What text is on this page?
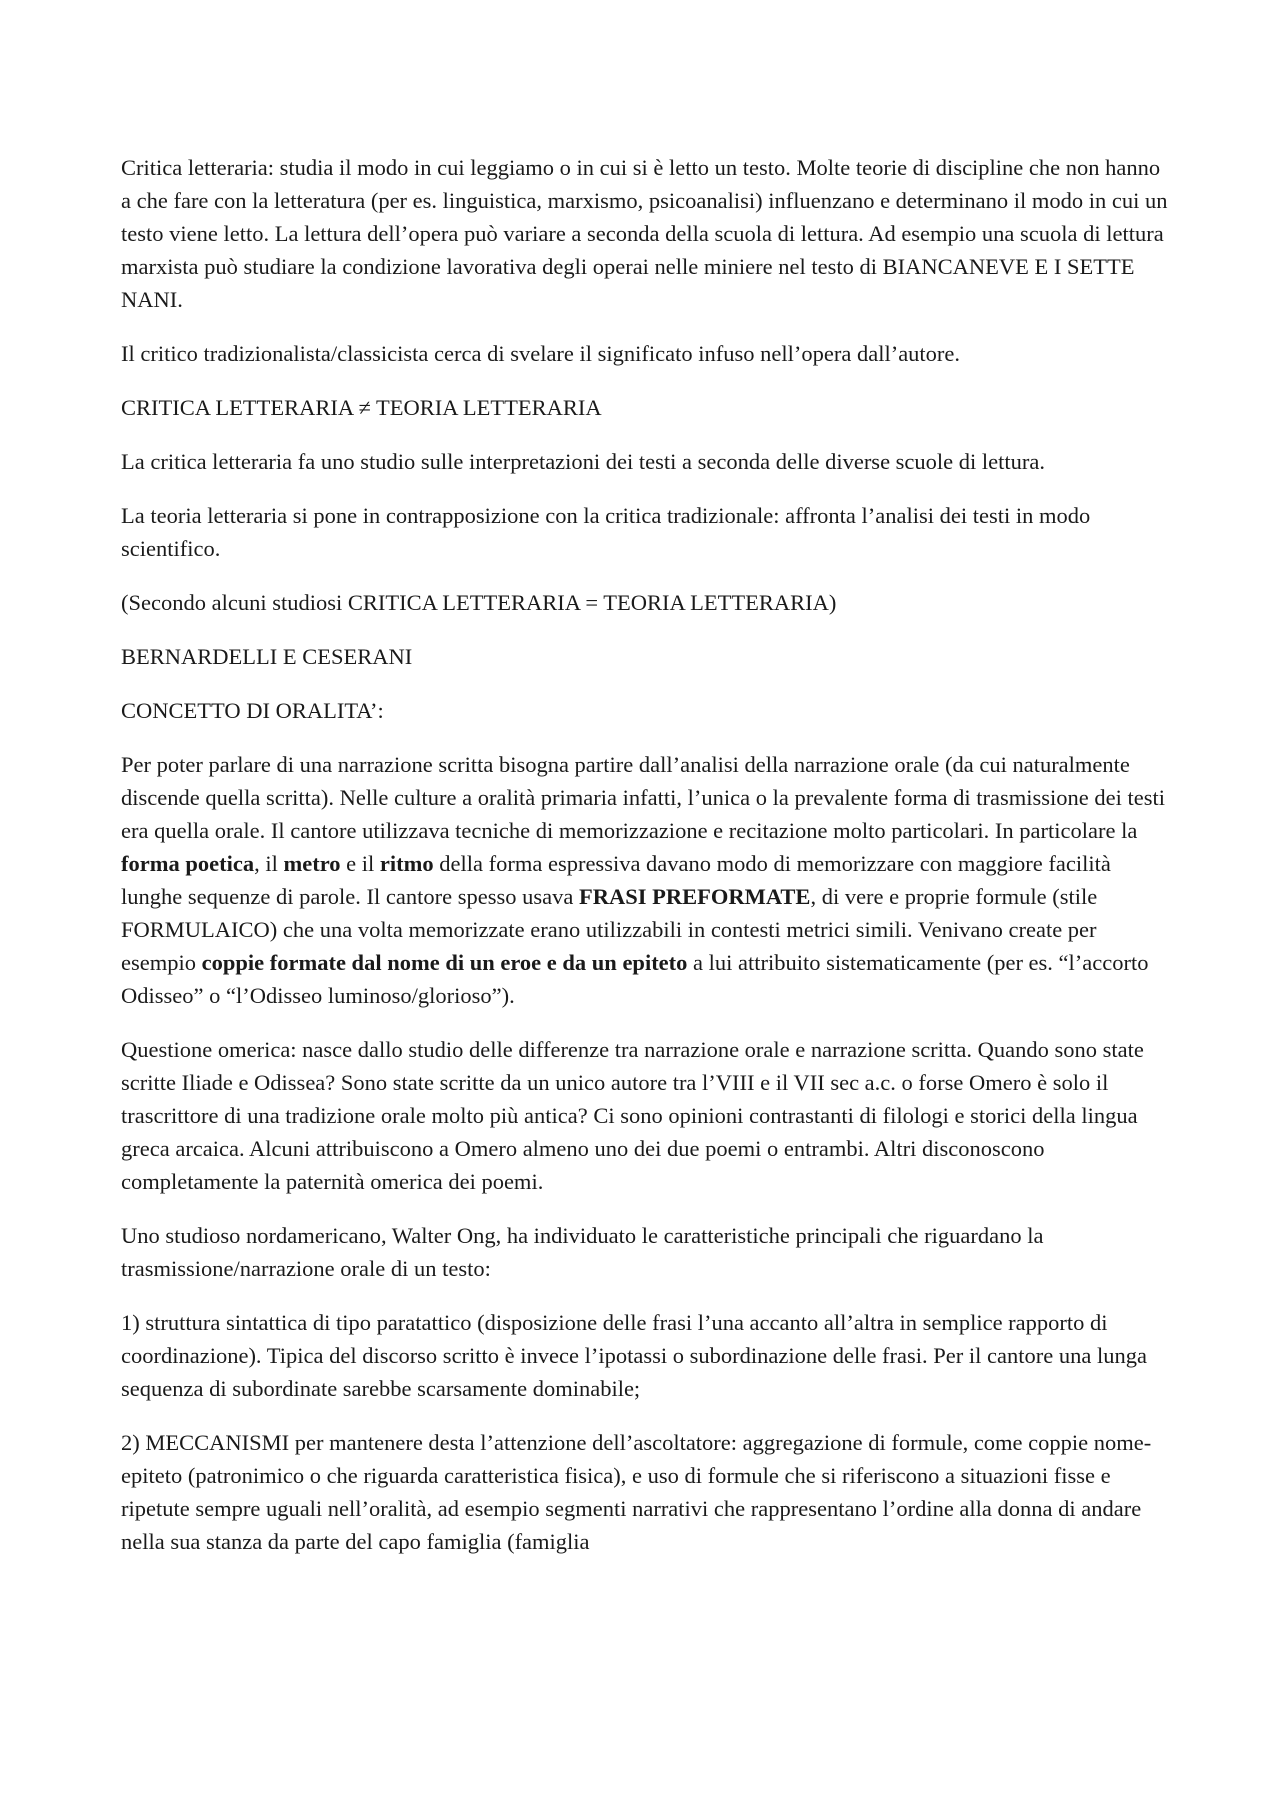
Critica letteraria: studia il modo in cui leggiamo o in cui si è letto un testo. Molte teorie di discipline che non hanno a che fare con la letteratura (per es. linguistica, marxismo, psicoanalisi) influenzano e determinano il modo in cui un testo viene letto. La lettura dell’opera può variare a seconda della scuola di lettura. Ad esempio una scuola di lettura marxista può studiare la condizione lavorativa degli operai nelle miniere nel testo di BIANCANEVE E I SETTE NANI.

Il critico tradizionalista/classicista cerca di svelare il significato infuso nell’opera dall’autore.

CRITICA LETTERARIA ≠ TEORIA LETTERARIA

La critica letteraria fa uno studio sulle interpretazioni dei testi a seconda delle diverse scuole di lettura.

La teoria letteraria si pone in contrapposizione con la critica tradizionale: affronta l’analisi dei testi in modo scientifico.

(Secondo alcuni studiosi CRITICA LETTERARIA = TEORIA LETTERARIA)

BERNARDELLI E CESERANI

CONCETTO DI ORALITA’:

Per poter parlare di una narrazione scritta bisogna partire dall’analisi della narrazione orale (da cui naturalmente discende quella scritta). Nelle culture a oralità primaria infatti, l’unica o la prevalente forma di trasmissione dei testi era quella orale. Il cantore utilizzava tecniche di memorizzazione e recitazione molto particolari. In particolare la forma poetica, il metro e il ritmo della forma espressiva davano modo di memorizzare con maggiore facilità lunghe sequenze di parole. Il cantore spesso usava FRASI PREFORMATE, di vere e proprie formule (stile FORMULAICO) che una volta memorizzate erano utilizzabili in contesti metrici simili. Venivano create per esempio coppie formate dal nome di un eroe e da un epiteto a lui attribuito sistematicamente (per es. “l’accorto Odisseo” o “l’Odisseo luminoso/glorioso”).

Questione omerica: nasce dallo studio delle differenze tra narrazione orale e narrazione scritta. Quando sono state scritte Iliade e Odissea? Sono state scritte da un unico autore tra l’VIII e il VII sec a.c. o forse Omero è solo il trascrittore di una tradizione orale molto più antica? Ci sono opinioni contrastanti di filologi e storici della lingua greca arcaica. Alcuni attribuiscono a Omero almeno uno dei due poemi o entrambi. Altri disconoscono completamente la paternità omerica dei poemi.

Uno studioso nordamericano, Walter Ong, ha individuato le caratteristiche principali che riguardano la trasmissione/narrazione orale di un testo:

1) struttura sintattica di tipo paratattico (disposizione delle frasi l’una accanto all’altra in semplice rapporto di coordinazione). Tipica del discorso scritto è invece l’ipotassi o subordinazione delle frasi. Per il cantore una lunga sequenza di subordinate sarebbe scarsamente dominabile;

2) MECCANISMI per mantenere desta l’attenzione dell’ascoltatore: aggregazione di formule, come coppie nome-epiteto (patronimico o che riguarda caratteristica fisica), e uso di formule che si riferiscono a situazioni fisse e ripetute sempre uguali nell’oralità, ad esempio segmenti narrativi che rappresentano l’ordine alla donna di andare nella sua stanza da parte del capo famiglia (famiglia
